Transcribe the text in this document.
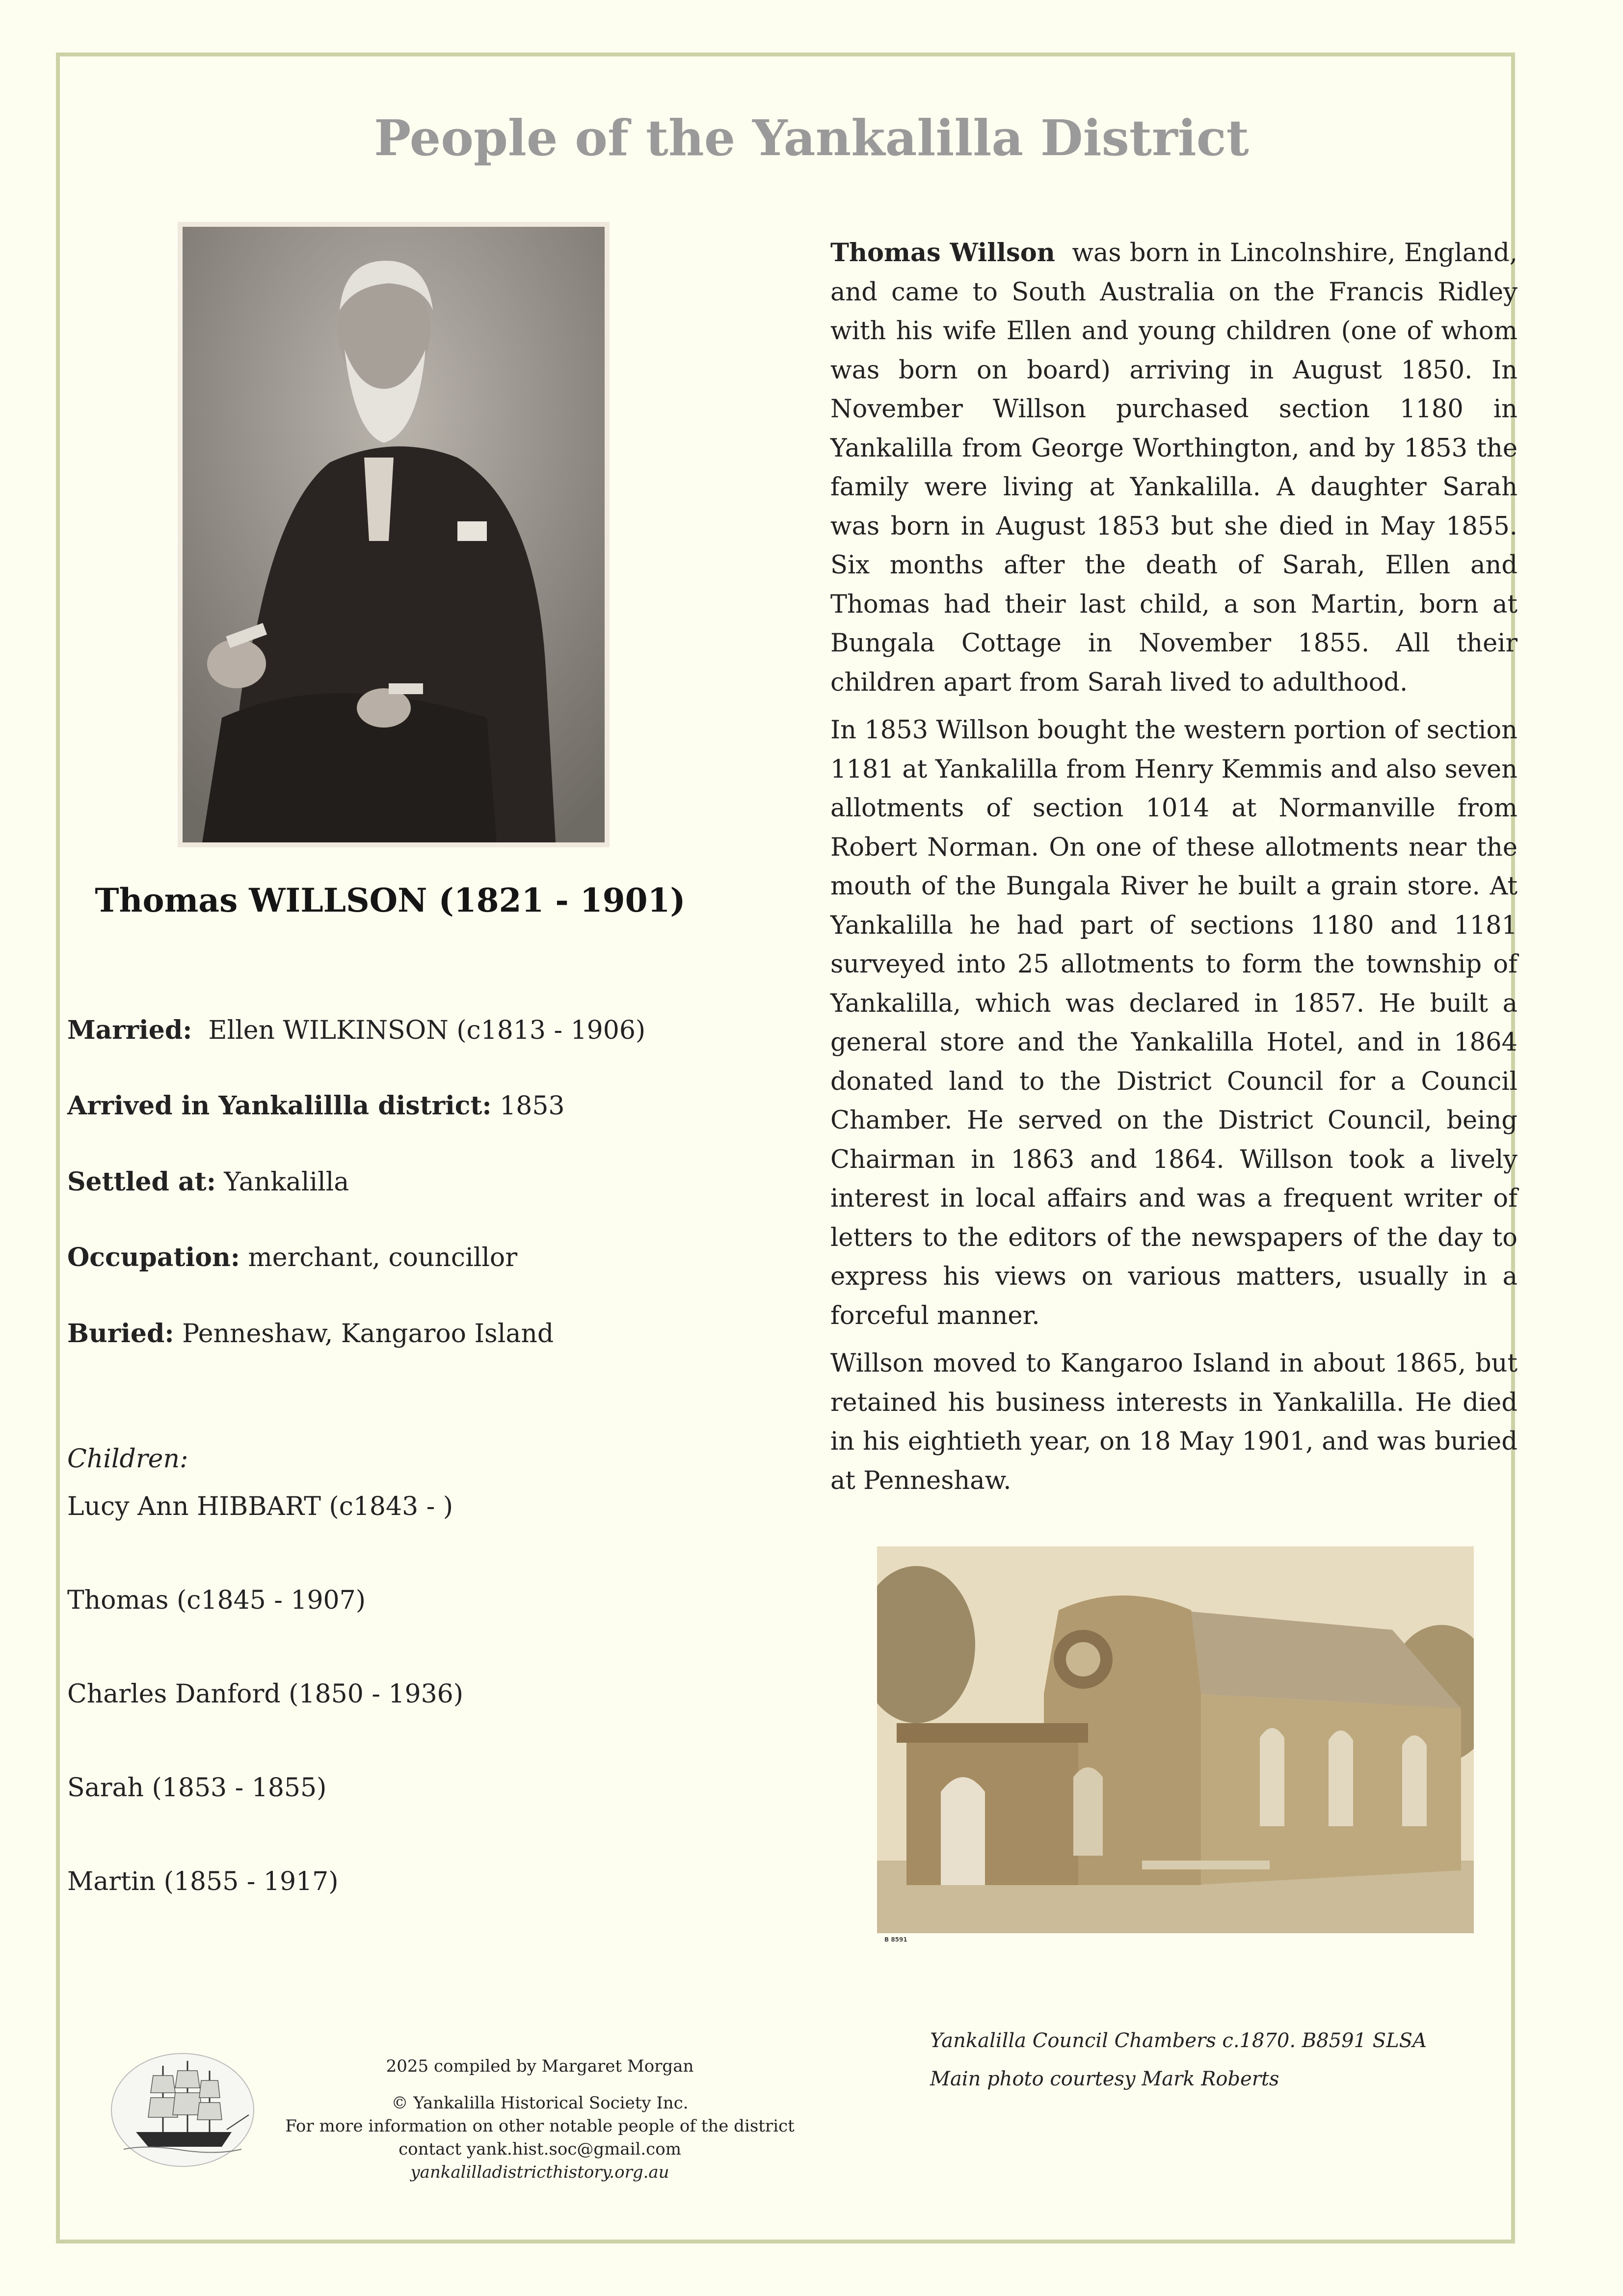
People of the Yankalilla District
Thomas WILLSON (1821 - 1901)

Married: Ellen WILKINSON (c1813 - 1906)

Arrived in Yankalillla district: 1853

Settled at: Yankalilla

Occupation: merchant, councillor

Buried: Penneshaw, Kangaroo Island

Children:

Lucy Ann HIBBART (c1843 - )
Thomas (c1845 - 1907)
Charles Danford (1850 - 1936)
Sarah (1853 - 1855)
Martin (1855 - 1917)

Thomas Willson was born in Lincolnshire, England, and came to South Australia on the Francis Ridley with his wife Ellen and young children (one of whom was born on board) arriving in August 1850. In November Willson purchased section 1180 in Yankalilla from George Worthington, and by 1853 the family were living at Yankalilla. A daughter Sarah was born in August 1853 but she died in May 1855. Six months after the death of Sarah, Ellen and Thomas had their last child, a son Martin, born at Bungala Cottage in November 1855. All their children apart from Sarah lived to adulthood.

In 1853 Willson bought the western portion of section 1181 at Yankalilla from Henry Kemmis and also seven allotments of section 1014 at Normanville from Robert Norman. On one of these allotments near the mouth of the Bungala River he built a grain store. At Yankalilla he had part of sections 1180 and 1181 surveyed into 25 allotments to form the township of Yankalilla, which was declared in 1857. He built a general store and the Yankalilla Hotel, and in 1864 donated land to the District Council for a Council Chamber. He served on the District Council, being Chairman in 1863 and 1864. Willson took a lively interest in local affairs and was a frequent writer of letters to the editors of the newspapers of the day to express his views on various matters, usually in a forceful manner.

Willson moved to Kangaroo Island in about 1865, but retained his business interests in Yankalilla. He died in his eightieth year, on 18 May 1901, and was buried at Penneshaw.

B 8591
Yankalilla Council Chambers c.1870. B8591 SLSA
Main photo courtesy Mark Roberts
2025 compiled by Margaret Morgan
© Yankalilla Historical Society Inc.
For more information on other notable people of the district
contact yank.hist.soc@gmail.com
yankalilladistricthistory.org.au
